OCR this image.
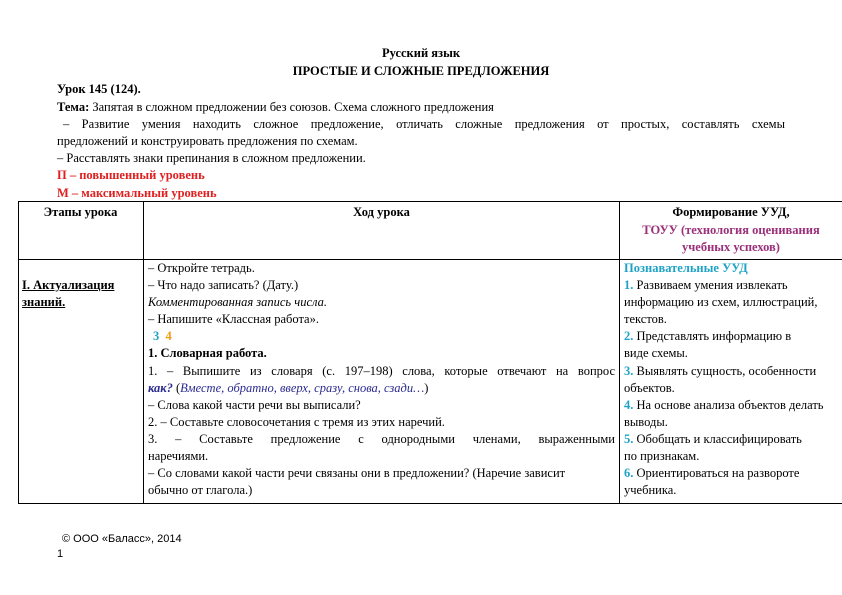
Русский язык
ПРОСТЫЕ И СЛОЖНЫЕ ПРЕДЛОЖЕНИЯ
Урок 145 (124).
Тема: Запятая в сложном предложении без союзов. Схема сложного предложения
– Развитие умения находить сложное предложение, отличать сложные предложения от простых, составлять схемы
предложений и конструировать предложения по схемам.
– Расставлять знаки препинания в сложном предложении.
П – повышенный уровень
М – максимальный уровень
Этапы урока	Ход урока	Формирование УУД,
ТОУУ (технология оценивания
учебных успехов)
I. Актуализация
знаний.
– Откройте тетрадь.
– Что надо записать? (Дату.)
Комментированная запись числа.
– Напишите «Классная работа».
3 4
1. Словарная работа.
1. – Выпишите из словаря (с. 197–198) слова, которые отвечают на вопрос
как? (Вместе, обратно, вверх, сразу, снова, сзади…)
– Слова какой части речи вы выписали?
2. – Составьте словосочетания с тремя из этих наречий.
3. – Составьте предложение с однородными членами, выраженными
наречиями.
– Со словами какой части речи связаны они в предложении? (Наречие зависит
обычно от глагола.)
Познавательные УУД
1. Развиваем умения извлекать
информацию из схем, иллюстраций,
текстов.
2. Представлять информацию в
виде схемы.
3. Выявлять сущность, особенности
объектов.
4. На основе анализа объектов делать
выводы.
5. Обобщать и классифицировать
по признакам.
6. Ориентироваться на развороте
учебника.
© ООО «Баласс», 2014
1
